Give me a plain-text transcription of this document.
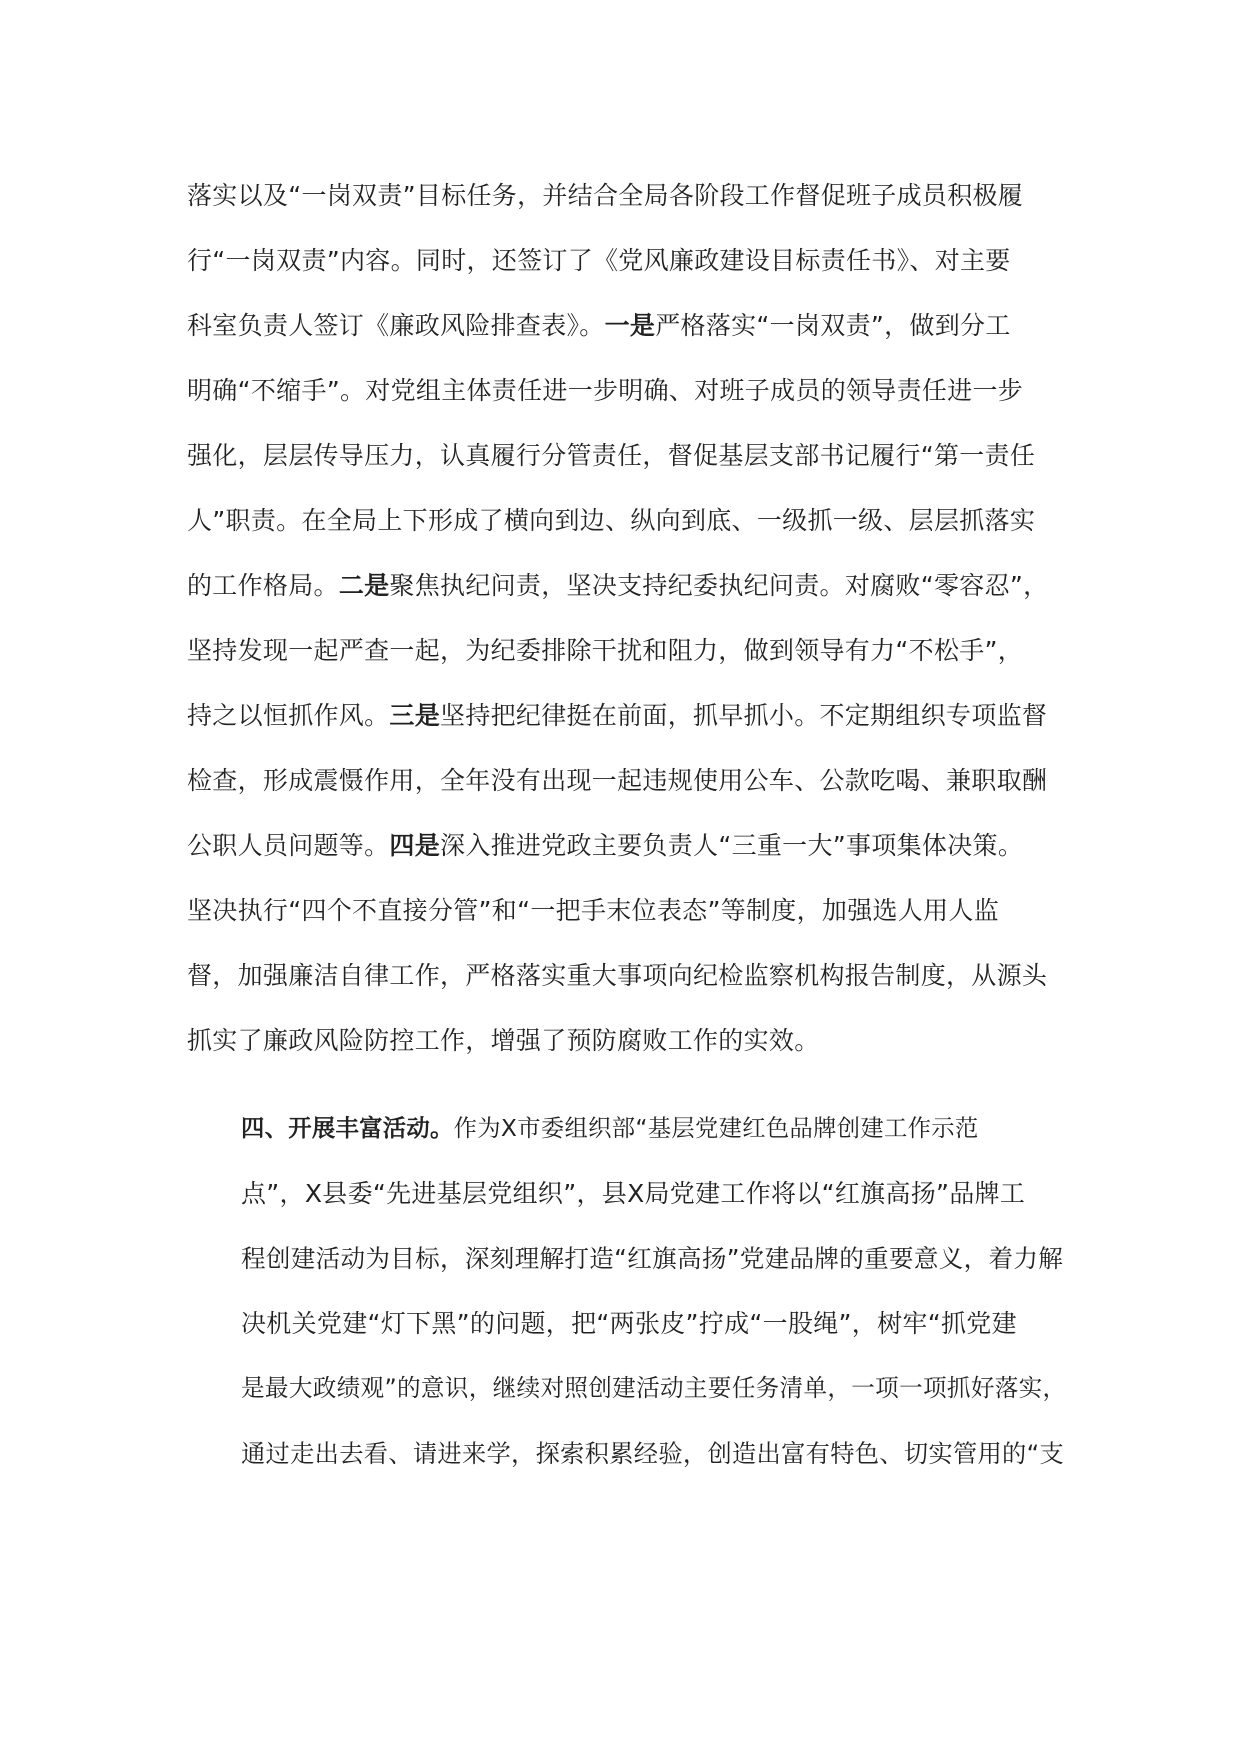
落实以及“一岗双责”目标任务，并结合全局各阶段工作督促班子成员积极履
行“一岗双责”内容。同时，还签订了《党风廉政建设目标责任书》、对主要
科室负责人签订《廉政风险排查表》。一是严格落实“一岗双责”，做到分工
明确“不缩手”。对党组主体责任进一步明确、对班子成员的领导责任进一步
强化，层层传导压力，认真履行分管责任，督促基层支部书记履行“第一责任
人”职责。在全局上下形成了横向到边、纵向到底、一级抓一级、层层抓落实
的工作格局。二是聚焦执纪问责，坚决支持纪委执纪问责。对腐败“零容忍”，
坚持发现一起严查一起，为纪委排除干扰和阻力，做到领导有力“不松手”，
持之以恒抓作风。三是坚持把纪律挺在前面，抓早抓小。不定期组织专项监督
检查，形成震慑作用，全年没有出现一起违规使用公车、公款吃喝、兼职取酬
公职人员问题等。四是深入推进党政主要负责人“三重一大”事项集体决策。
坚决执行“四个不直接分管”和“一把手末位表态”等制度，加强选人用人监
督，加强廉洁自律工作，严格落实重大事项向纪检监察机构报告制度，从源头
抓实了廉政风险防控工作，增强了预防腐败工作的实效。

四、开展丰富活动。作为X市委组织部“基层党建红色品牌创建工作示范
点”，X县委“先进基层党组织”，县X局党建工作将以“红旗高扬”品牌工
程创建活动为目标，深刻理解打造“红旗高扬”党建品牌的重要意义，着力解
决机关党建“灯下黑”的问题，把“两张皮”拧成“一股绳”，树牢“抓党建
是最大政绩观”的意识，继续对照创建活动主要任务清单，一项一项抓好落实，
通过走出去看、请进来学，探索积累经验，创造出富有特色、切实管用的“支
